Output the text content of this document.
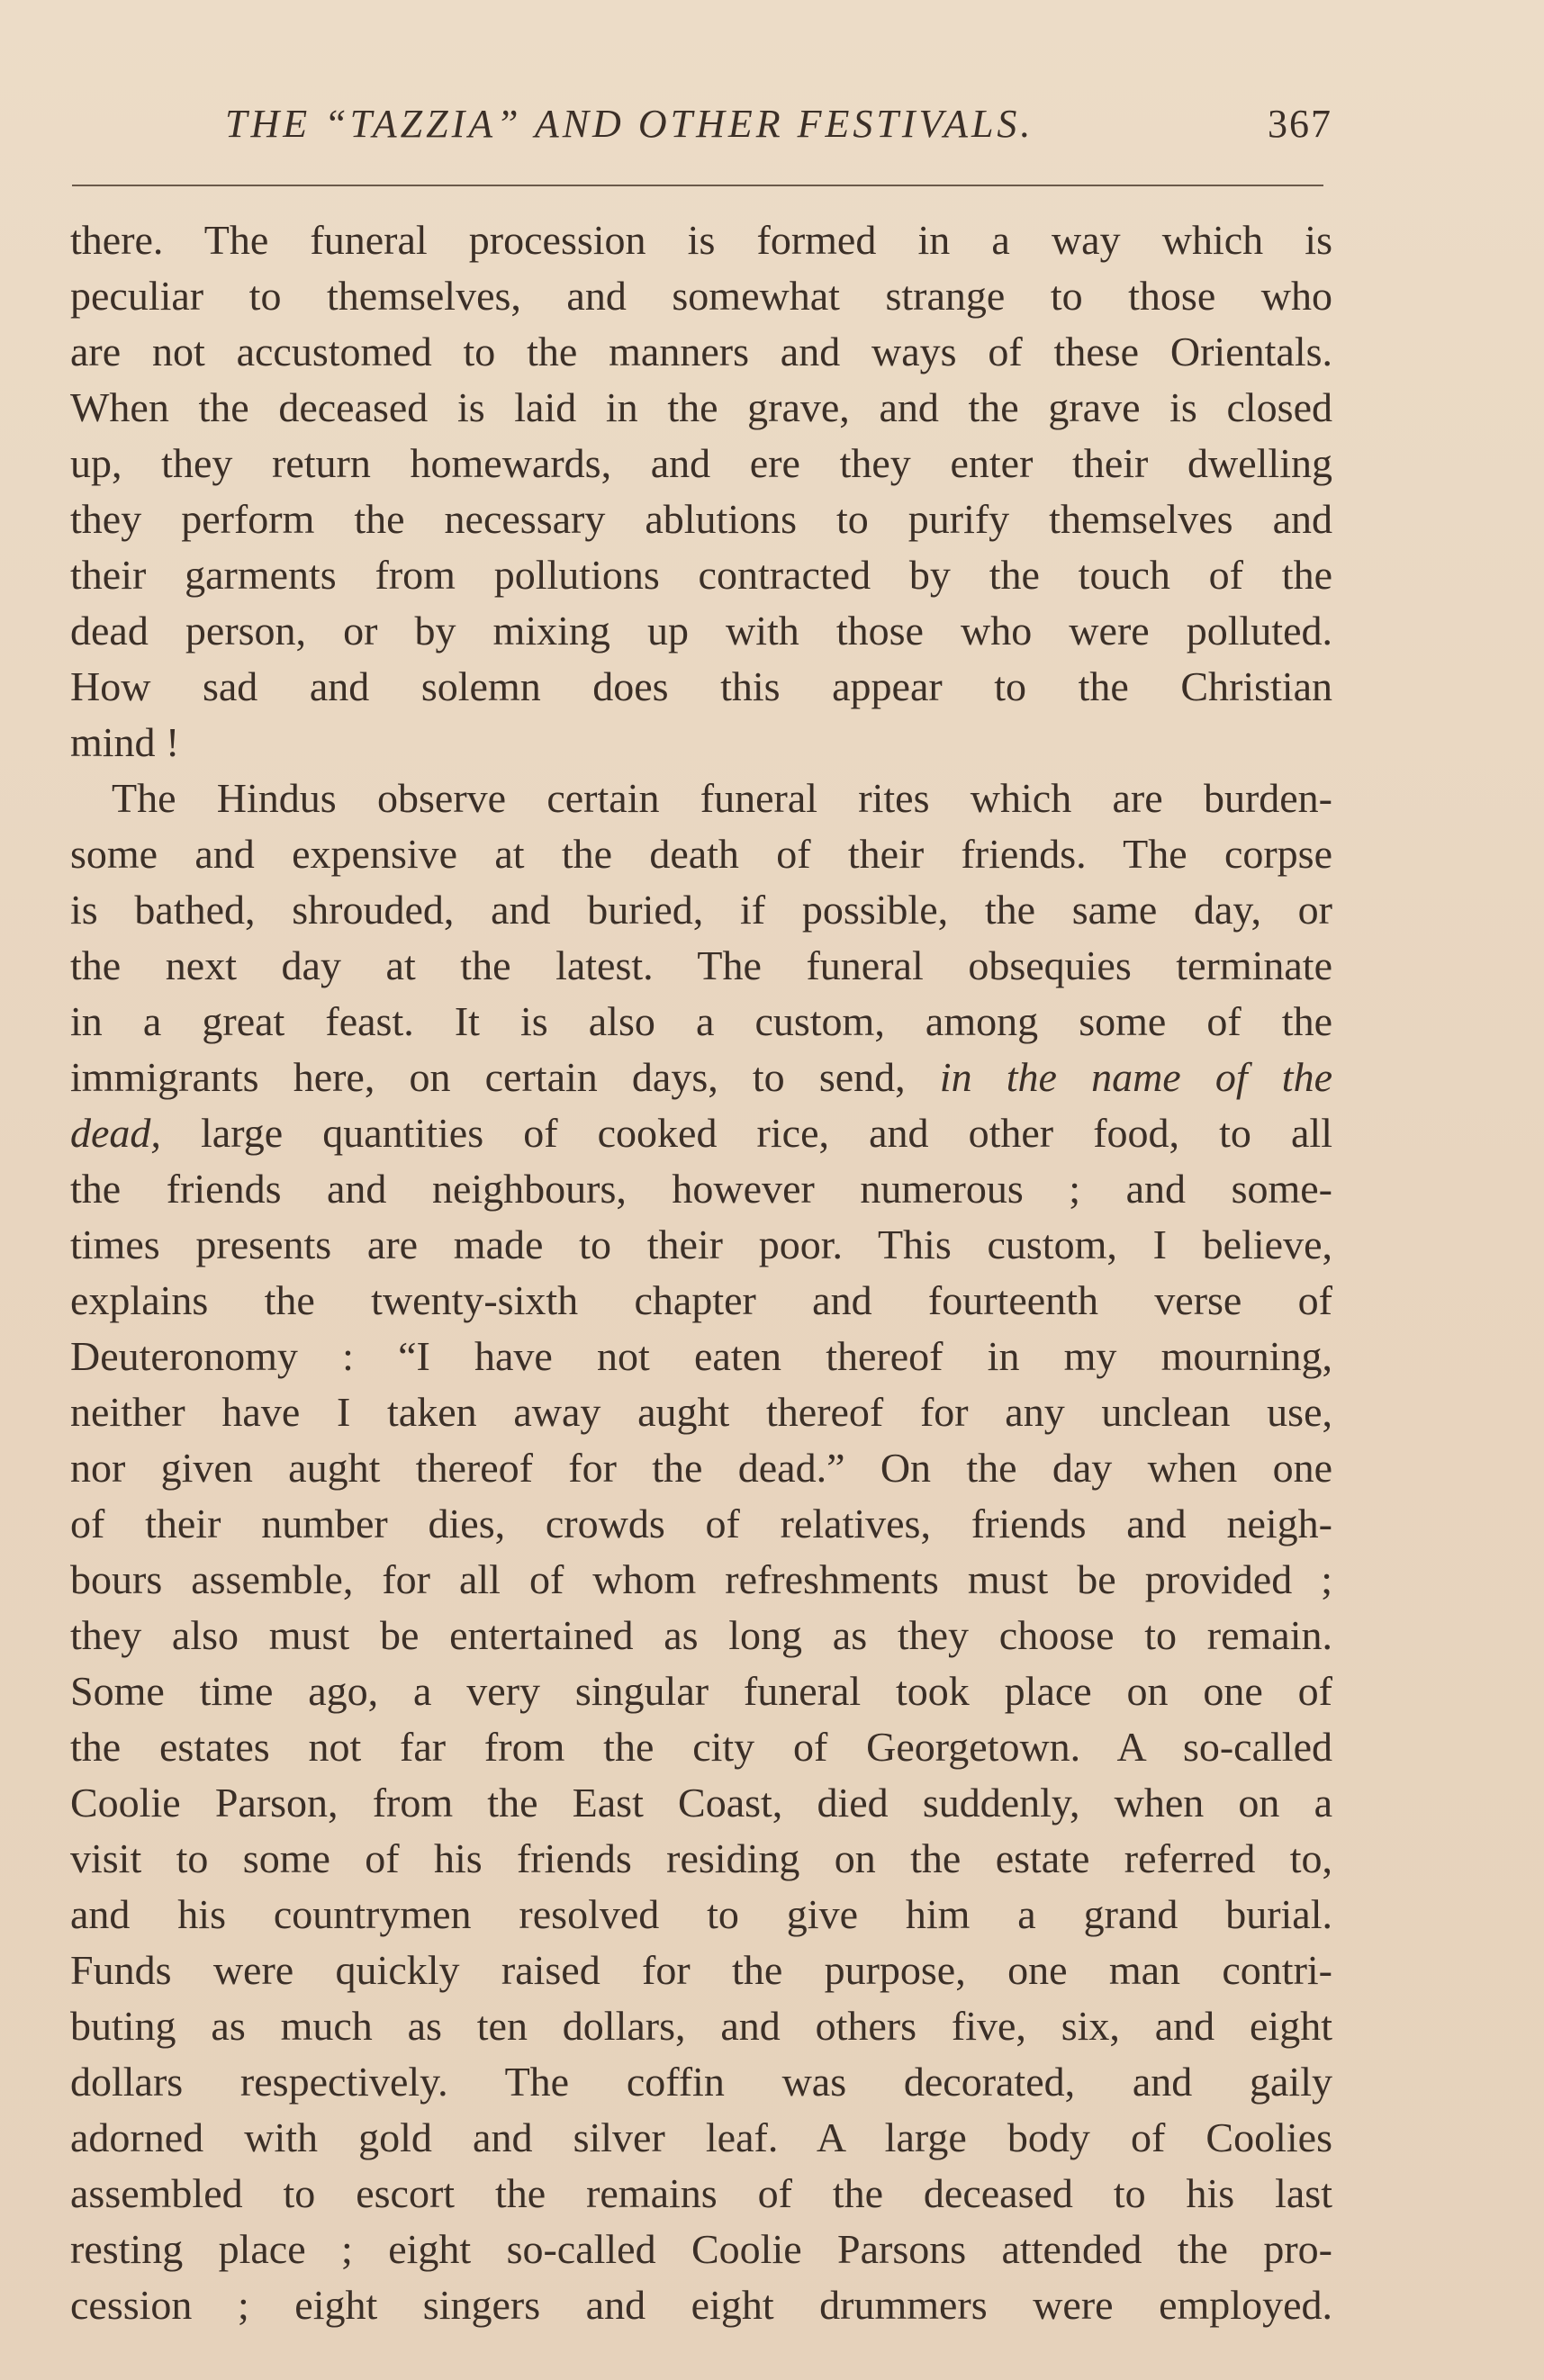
THE “TAZZIA” AND OTHER FESTIVALS.	367
there. The funeral procession is formed in a way which is
peculiar to themselves, and somewhat strange to those who
are not accustomed to the manners and ways of these Orientals.
When the deceased is laid in the grave, and the grave is closed
up, they return homewards, and ere they enter their dwelling
they perform the necessary ablutions to purify themselves and
their garments from pollutions contracted by the touch of the
dead person, or by mixing up with those who were polluted.
How sad and solemn does this appear to the Christian
mind !
The Hindus observe certain funeral rites which are burden-
some and expensive at the death of their friends. The corpse
is bathed, shrouded, and buried, if possible, the same day, or
the next day at the latest. The funeral obsequies terminate
in a great feast. It is also a custom, among some of the
immigrants here, on certain days, to send, in the name of the
dead, large quantities of cooked rice, and other food, to all
the friends and neighbours, however numerous ; and some-
times presents are made to their poor. This custom, I believe,
explains the twenty-sixth chapter and fourteenth verse of
Deuteronomy : “I have not eaten thereof in my mourning,
neither have I taken away aught thereof for any unclean use,
nor given aught thereof for the dead.” On the day when one
of their number dies, crowds of relatives, friends and neigh-
bours assemble, for all of whom refreshments must be provided ;
they also must be entertained as long as they choose to remain.
Some time ago, a very singular funeral took place on one of
the estates not far from the city of Georgetown. A so-called
Coolie Parson, from the East Coast, died suddenly, when on a
visit to some of his friends residing on the estate referred to,
and his countrymen resolved to give him a grand burial.
Funds were quickly raised for the purpose, one man contri-
buting as much as ten dollars, and others five, six, and eight
dollars respectively. The coffin was decorated, and gaily
adorned with gold and silver leaf. A large body of Coolies
assembled to escort the remains of the deceased to his last
resting place ; eight so-called Coolie Parsons attended the pro-
cession ; eight singers and eight drummers were employed.
